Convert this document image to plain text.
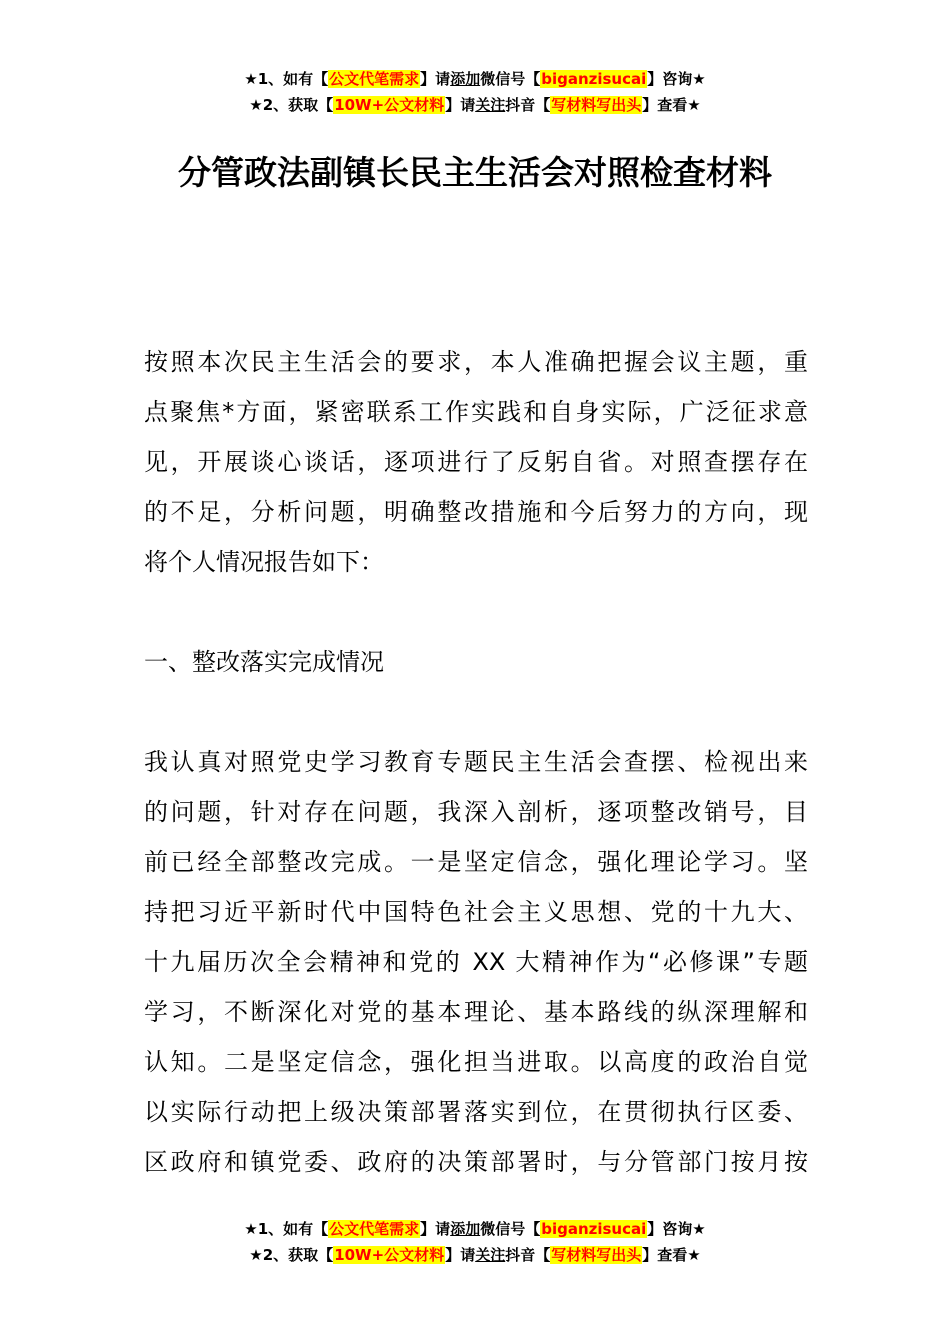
★1、如有【公文代笔需求】请添加微信号【biganzisucai】咨询★
★2、获取【10W+公文材料】请关注抖音【写材料写出头】查看★
分管政法副镇长民主生活会对照检查材料
按照本次民主生活会的要求，本人准确把握会议主题，重
点聚焦*方面，紧密联系工作实践和自身实际，广泛征求意
见，开展谈心谈话，逐项进行了反躬自省。对照查摆存在
的不足，分析问题，明确整改措施和今后努力的方向，现
将个人情况报告如下：
一、整改落实完成情况
我认真对照党史学习教育专题民主生活会查摆、检视出来
的问题，针对存在问题，我深入剖析，逐项整改销号，目
前已经全部整改完成。一是坚定信念，强化理论学习。坚
持把习近平新时代中国特色社会主义思想、党的十九大、
十九届历次全会精神和党的 XX 大精神作为“必修课”专题
学习，不断深化对党的基本理论、基本路线的纵深理解和
认知。二是坚定信念，强化担当进取。以高度的政治自觉
以实际行动把上级决策部署落实到位，在贯彻执行区委、
区政府和镇党委、政府的决策部署时，与分管部门按月按
★1、如有【公文代笔需求】请添加微信号【biganzisucai】咨询★
★2、获取【10W+公文材料】请关注抖音【写材料写出头】查看★
